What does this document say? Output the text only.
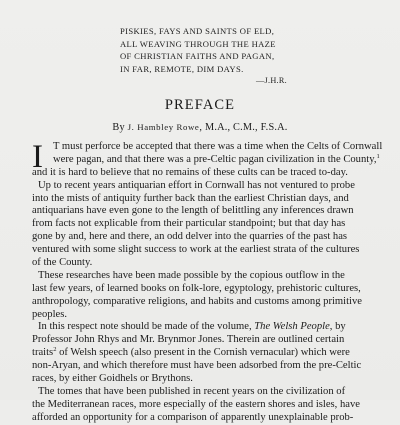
PISKIES, FAYS AND SAINTS OF ELD,
ALL WEAVING THROUGH THE HAZE
OF CHRISTIAN FAITHS AND PAGAN,
IN FAR, REMOTE, DIM DAYS.
—J.H.R.
PREFACE
By J. Hambley Rowe, M.A., C.M., F.S.A.
I T must perforce be accepted that there was a time when the Celts of Cornwall
were pagan, and that there was a pre-Celtic pagan civilization in the County,$^1$
and it is hard to believe that no remains of these cults can be traced to-day.
Up to recent years antiquarian effort in Cornwall has not ventured to probe
into the mists of antiquity further back than the earliest Christian days, and
antiquarians have even gone to the length of belittling any inferences drawn
from facts not explicable from their particular standpoint; but that day has
gone by and, here and there, an odd delver into the quarries of the past has
ventured with some slight success to work at the earliest strata of the cultures
of the County.
These researches have been made possible by the copious outflow in the
last few years, of learned books on folk-lore, egyptology, prehistoric cultures,
anthropology, comparative religions, and habits and customs among primitive
peoples.
In this respect note should be made of the volume, The Welsh People, by
Professor John Rhys and Mr. Brynmor Jones. Therein are outlined certain
traits$^2$ of Welsh speech (also present in the Cornish vernacular) which were
non-Aryan, and which therefore must have been adsorbed from the pre-Celtic
races, by either Goidhels or Brythons.
The tomes that have been published in recent years on the civilization of
the Mediterranean races, more especially of the eastern shores and isles, have
afforded an opportunity for a comparison of apparently unexplainable prob-
